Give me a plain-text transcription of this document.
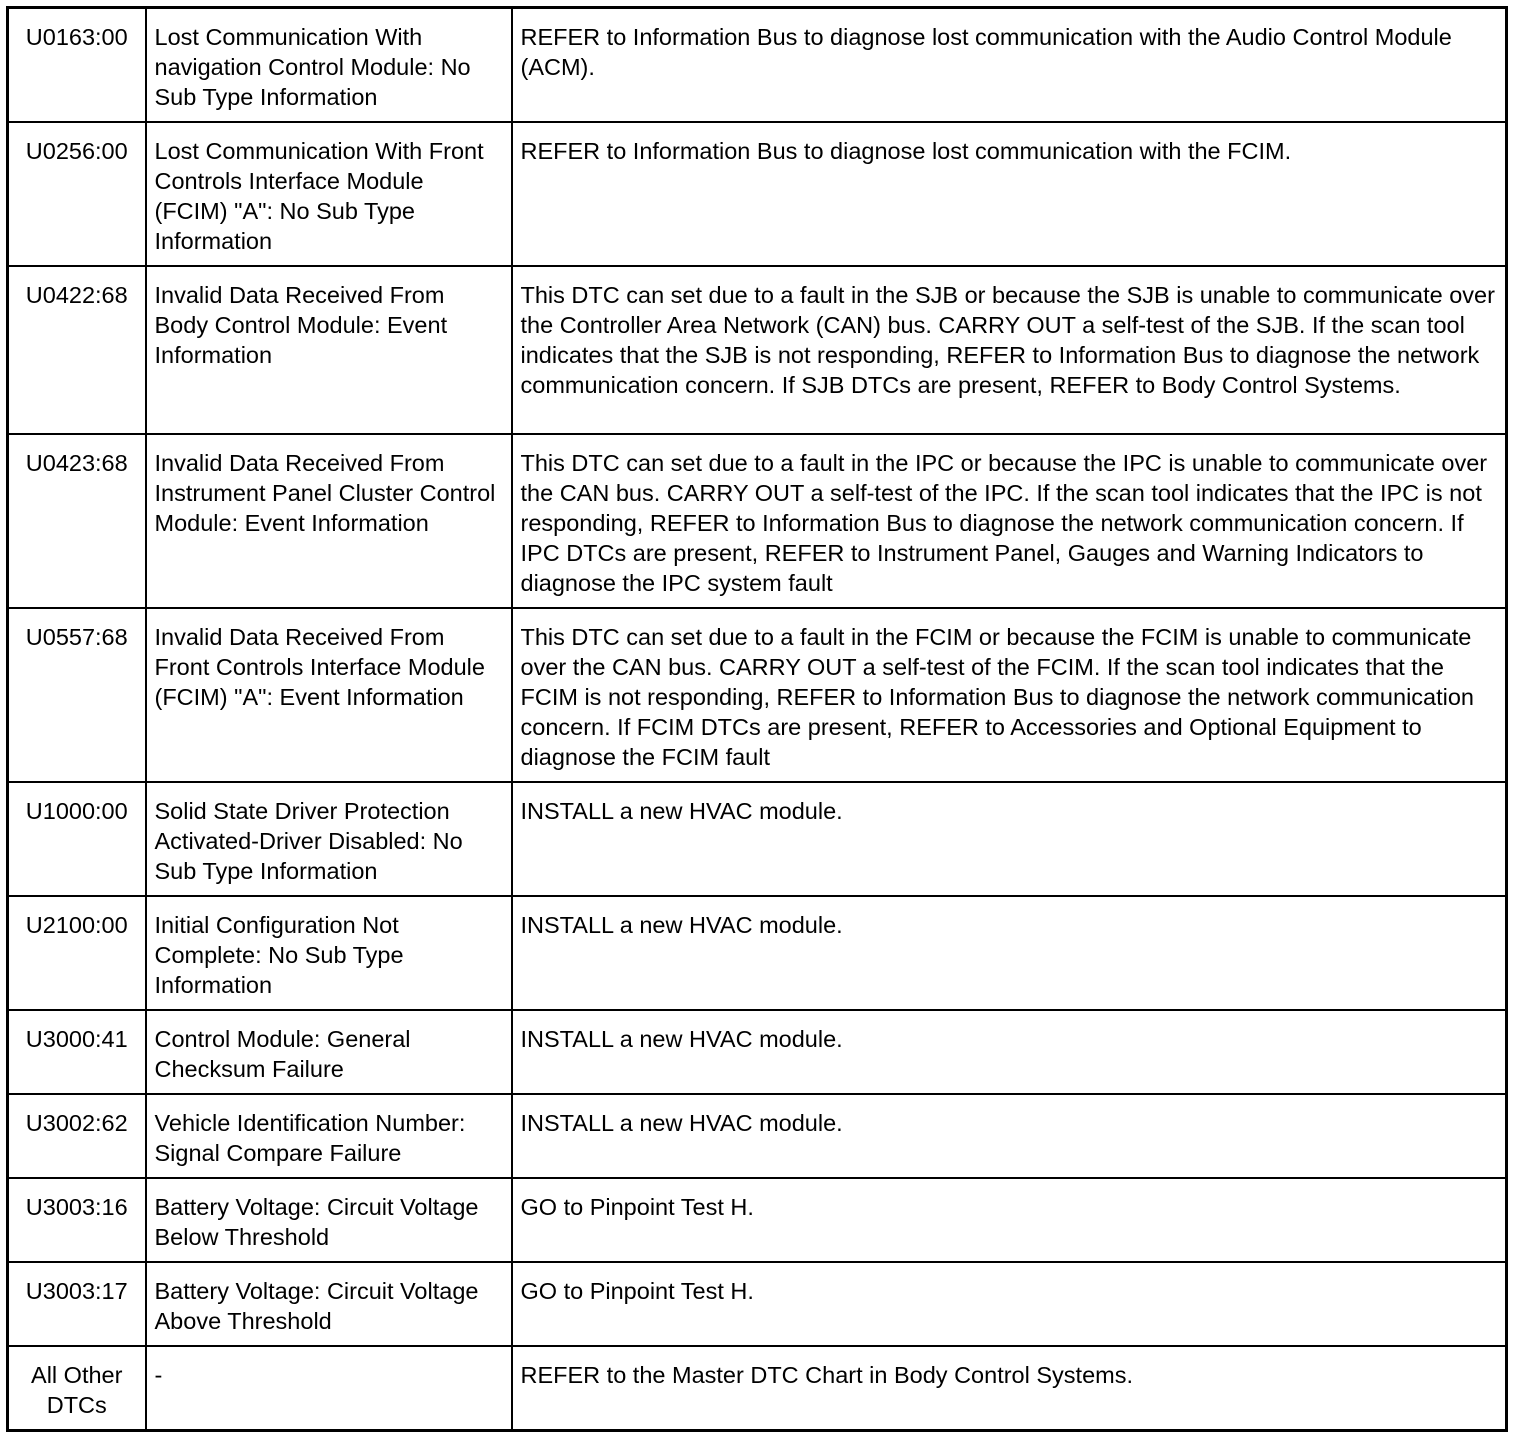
U0163:00	Lost Communication With navigation Control Module: No Sub Type Information	REFER to Information Bus to diagnose lost communication with the Audio Control Module (ACM).
U0256:00	Lost Communication With Front Controls Interface Module (FCIM) "A": No Sub Type Information	REFER to Information Bus to diagnose lost communication with the FCIM.
U0422:68	Invalid Data Received From Body Control Module: Event Information	This DTC can set due to a fault in the SJB or because the SJB is unable to communicate over the Controller Area Network (CAN) bus. CARRY OUT a self-test of the SJB. If the scan tool indicates that the SJB is not responding, REFER to Information Bus to diagnose the network communication concern. If SJB DTCs are present, REFER to Body Control Systems.
U0423:68	Invalid Data Received From Instrument Panel Cluster Control Module: Event Information	This DTC can set due to a fault in the IPC or because the IPC is unable to communicate over the CAN bus. CARRY OUT a self-test of the IPC. If the scan tool indicates that the IPC is not responding, REFER to Information Bus to diagnose the network communication concern. If IPC DTCs are present, REFER to Instrument Panel, Gauges and Warning Indicators to diagnose the IPC system fault
U0557:68	Invalid Data Received From Front Controls Interface Module (FCIM) "A": Event Information	This DTC can set due to a fault in the FCIM or because the FCIM is unable to communicate over the CAN bus. CARRY OUT a self-test of the FCIM. If the scan tool indicates that the FCIM is not responding, REFER to Information Bus to diagnose the network communication concern. If FCIM DTCs are present, REFER to Accessories and Optional Equipment to diagnose the FCIM fault
U1000:00	Solid State Driver Protection Activated-Driver Disabled: No Sub Type Information	INSTALL a new HVAC module.
U2100:00	Initial Configuration Not Complete: No Sub Type Information	INSTALL a new HVAC module.
U3000:41	Control Module: General Checksum Failure	INSTALL a new HVAC module.
U3002:62	Vehicle Identification Number: Signal Compare Failure	INSTALL a new HVAC module.
U3003:16	Battery Voltage: Circuit Voltage Below Threshold	GO to Pinpoint Test H.
U3003:17	Battery Voltage: Circuit Voltage Above Threshold	GO to Pinpoint Test H.
All Other DTCs	-	REFER to the Master DTC Chart in Body Control Systems.
